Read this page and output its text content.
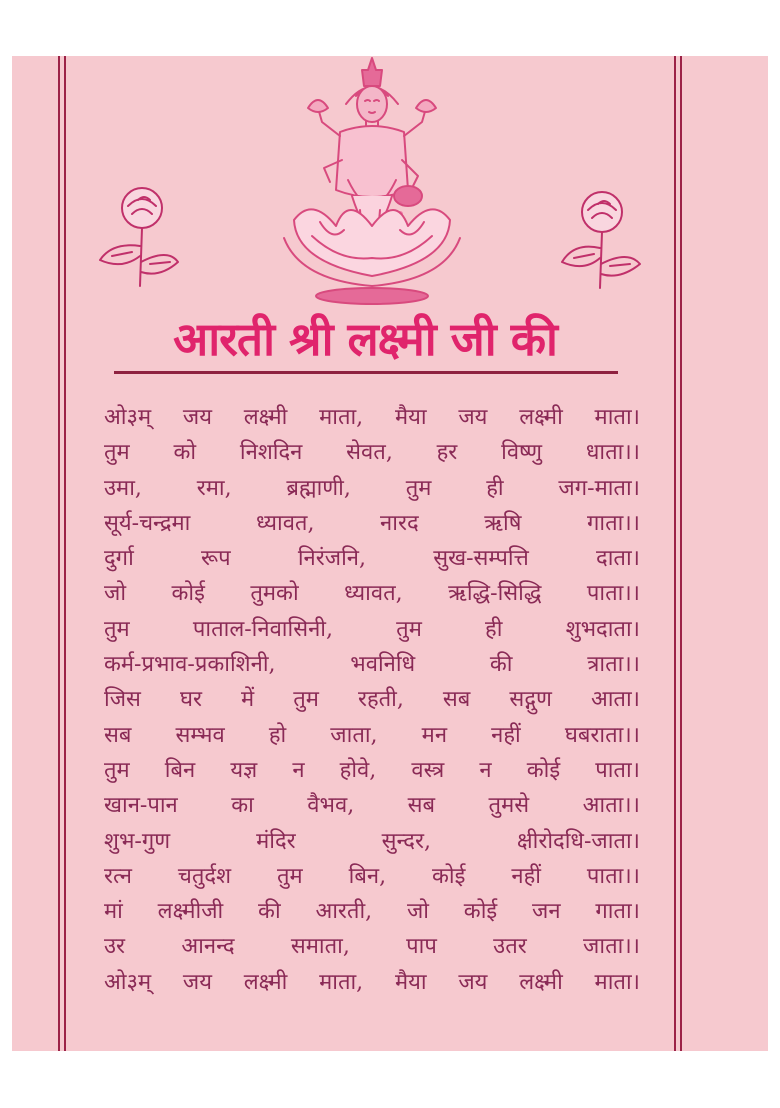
आरती श्री लक्ष्मी जी की
ओ३म् जय लक्ष्मी माता, मैया जय लक्ष्मी माता।
तुम को निशदिन सेवत, हर विष्णु धाता।।
उमा, रमा, ब्रह्माणी, तुम ही जग-माता।
सूर्य-चन्द्रमा ध्यावत, नारद ऋषि गाता।।
दुर्गा रूप निरंजनि, सुख-सम्पत्ति दाता।
जो कोई तुमको ध्यावत, ऋद्धि-सिद्धि पाता।।
तुम पाताल-निवासिनी, तुम ही शुभदाता।
कर्म-प्रभाव-प्रकाशिनी, भवनिधि की त्राता।।
जिस घर में तुम रहती, सब सद्गुण आता।
सब सम्भव हो जाता, मन नहीं घबराता।।
तुम बिन यज्ञ न होवे, वस्त्र न कोई पाता।
खान-पान का वैभव, सब तुमसे आता।।
शुभ-गुण मंदिर सुन्दर, क्षीरोदधि-जाता।
रत्न चतुर्दश तुम बिन, कोई नहीं पाता।।
मां लक्ष्मीजी की आरती, जो कोई जन गाता।
उर आनन्द समाता, पाप उतर जाता।।
ओ३म् जय लक्ष्मी माता, मैया जय लक्ष्मी माता।
